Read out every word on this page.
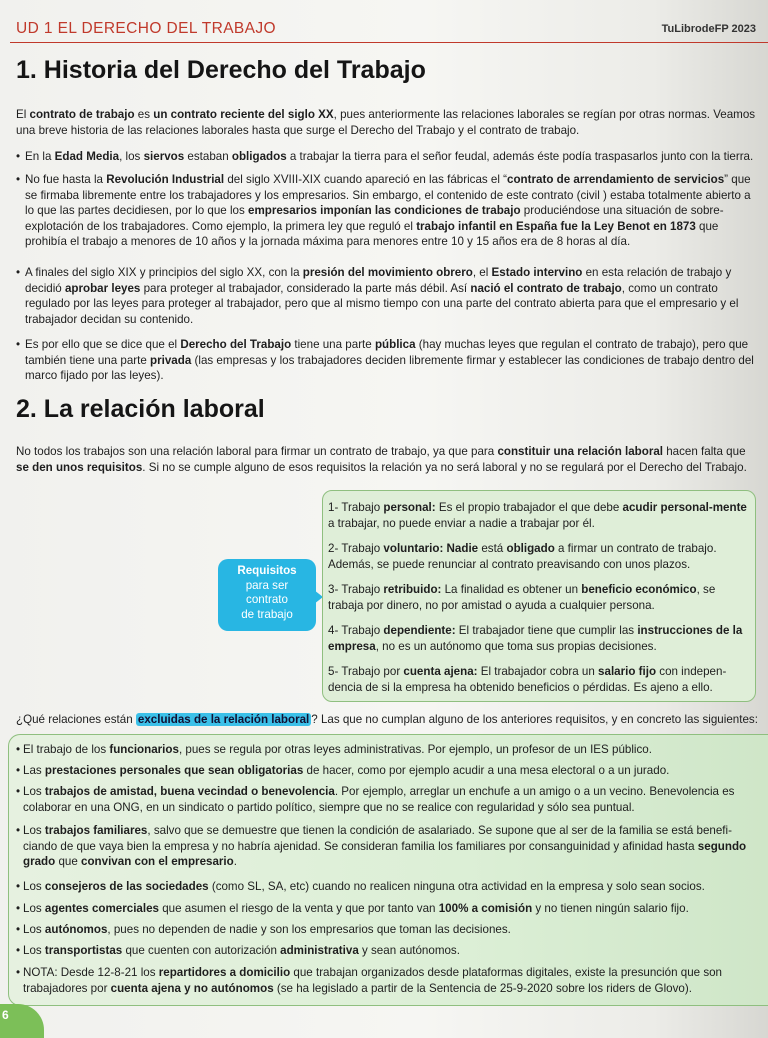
UD 1 EL DERECHO DEL TRABAJO	TuLibrodeFP 2023
1. Historia del Derecho del Trabajo

El contrato de trabajo es un contrato reciente del siglo XX, pues anteriormente las relaciones laborales se regían por otras normas. Veamos una breve historia de las relaciones laborales hasta que surge el Derecho del Trabajo y el contrato de trabajo.

• En la Edad Media, los siervos estaban obligados a trabajar la tierra para el señor feudal, además éste podía traspasarlos junto con la tierra.
• No fue hasta la Revolución Industrial del siglo XVIII-XIX cuando apareció en las fábricas el “contrato de arrendamiento de servicios” que se firmaba libremente entre los trabajadores y los empresarios. Sin embargo, el contenido de este contrato (civil ) estaba totalmente abierto a lo que las partes decidiesen, por lo que los empresarios imponían las condiciones de trabajo produciéndose una situación de sobre-explotación de los trabajadores. Como ejemplo, la primera ley que reguló el trabajo infantil en España fue la Ley Benot en 1873 que prohibía el trabajo a menores de 10 años y la jornada máxima para menores entre 10 y 15 años era de 8 horas al día.
• A finales del siglo XIX y principios del siglo XX, con la presión del movimiento obrero, el Estado intervino en esta relación de trabajo y decidió aprobar leyes para proteger al trabajador, considerado la parte más débil. Así nació el contrato de trabajo, como un contrato regulado por las leyes para proteger al trabajador, pero que al mismo tiempo con una parte del contrato abierta para que el empresario y el trabajador decidan su contenido.
• Es por ello que se dice que el Derecho del Trabajo tiene una parte pública (hay muchas leyes que regulan el contrato de trabajo), pero que también tiene una parte privada (las empresas y los trabajadores deciden libremente firmar y establecer las condiciones de trabajo dentro del marco fijado por las leyes).
2. La relación laboral

No todos los trabajos son una relación laboral para firmar un contrato de trabajo, ya que para constituir una relación laboral hacen falta que se den unos requisitos. Si no se cumple alguno de esos requisitos la relación ya no será laboral y no se regulará por el Derecho del Trabajo.

Requisitos
para ser
contrato
de trabajo
1- Trabajo personal: Es el propio trabajador el que debe acudir personal-mente a trabajar, no puede enviar a nadie a trabajar por él.
2- Trabajo voluntario: Nadie está obligado a firmar un contrato de trabajo. Además, se puede renunciar al contrato preavisando con unos plazos.
3- Trabajo retribuido: La finalidad es obtener un beneficio económico, se trabaja por dinero, no por amistad o ayuda a cualquier persona.
4- Trabajo dependiente: El trabajador tiene que cumplir las instrucciones de la empresa, no es un autónomo que toma sus propias decisiones.
5- Trabajo por cuenta ajena: El trabajador cobra un salario fijo con indepen-dencia de si la empresa ha obtenido beneficios o pérdidas. Es ajeno a ello.
¿Qué relaciones están excluidas de la relación laboral ? Las que no cumplan alguno de los anteriores requisitos, y en concreto las siguientes:
• El trabajo de los funcionarios, pues se regula por otras leyes administrativas. Por ejemplo, un profesor de un IES público.
• Las prestaciones personales que sean obligatorias de hacer, como por ejemplo acudir a una mesa electoral o a un jurado.
• Los trabajos de amistad, buena vecindad o benevolencia. Por ejemplo, arreglar un enchufe a un amigo o a un vecino. Benevolencia es colaborar en una ONG, en un sindicato o partido político, siempre que no se realice con regularidad y sólo sea puntual.
• Los trabajos familiares, salvo que se demuestre que tienen la condición de asalariado. Se supone que al ser de la familia se está benefi-ciando de que vaya bien la empresa y no habría ajenidad. Se consideran familia los familiares por consanguinidad y afinidad hasta segundo grado que convivan con el empresario.
• Los consejeros de las sociedades (como SL, SA, etc) cuando no realicen ninguna otra actividad en la empresa y solo sean socios.
• Los agentes comerciales que asumen el riesgo de la venta y que por tanto van 100% a comisión y no tienen ningún salario fijo.
• Los autónomos, pues no dependen de nadie y son los empresarios que toman las decisiones.
• Los transportistas que cuenten con autorización administrativa y sean autónomos.
• NOTA: Desde 12-8-21 los repartidores a domicilio que trabajan organizados desde plataformas digitales, existe la presunción que son trabajadores por cuenta ajena y no autónomos (se ha legislado a partir de la Sentencia de 25-9-2020 sobre los riders de Glovo).
6
